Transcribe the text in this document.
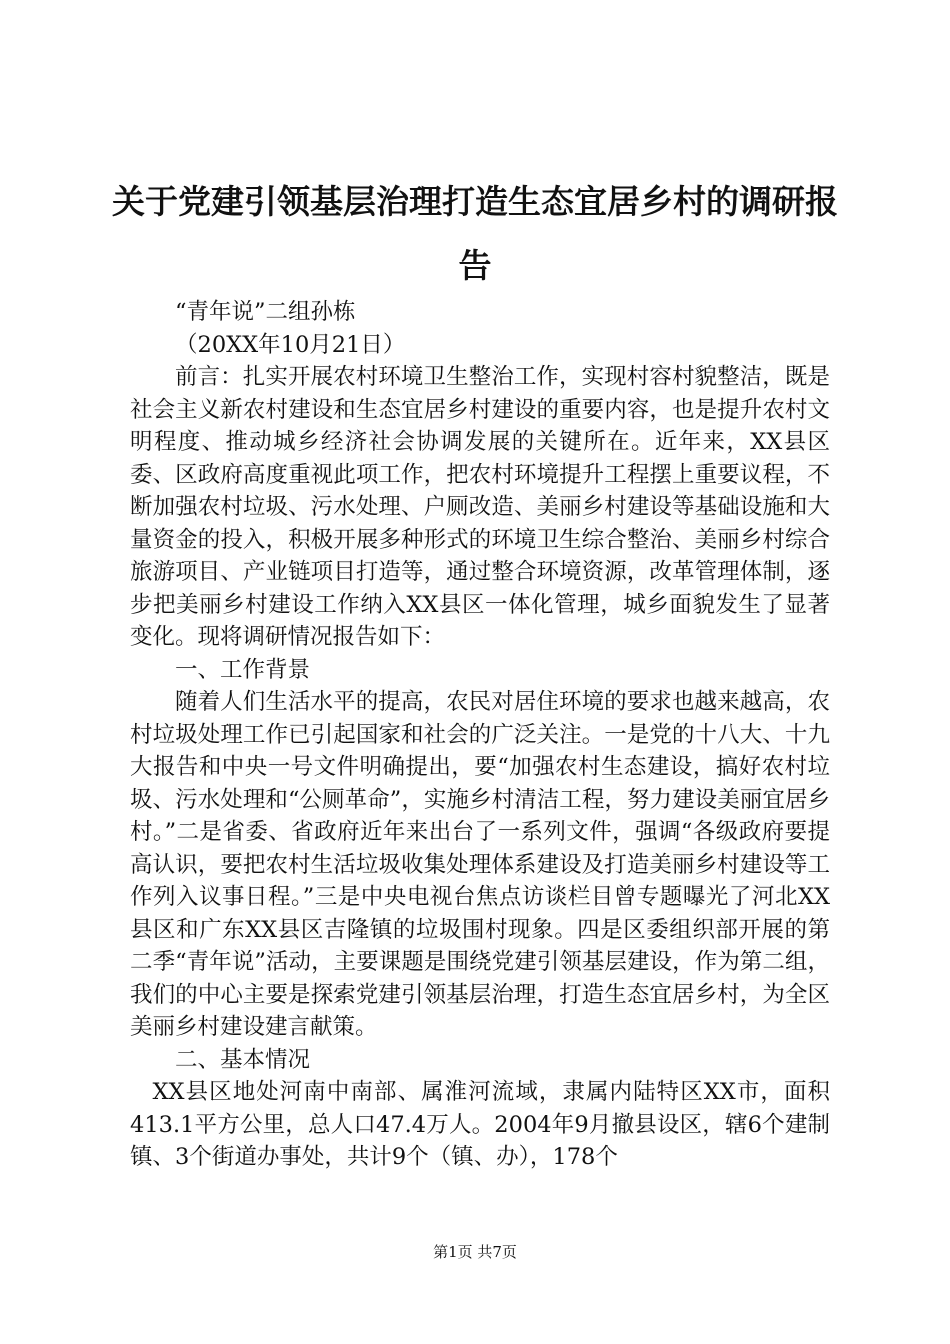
关于党建引领基层治理打造生态宜居乡村的调研报告

“青年说”二组孙栋

（20XX年10月21日）

前言：扎实开展农村环境卫生整治工作，实现村容村貌整洁，既是社会主义新农村建设和生态宜居乡村建设的重要内容，也是提升农村文明程度、推动城乡经济社会协调发展的关键所在。近年来，XX县区委、区政府高度重视此项工作，把农村环境提升工程摆上重要议程，不断加强农村垃圾、污水处理、户厕改造、美丽乡村建设等基础设施和大量资金的投入，积极开展多种形式的环境卫生综合整治、美丽乡村综合旅游项目、产业链项目打造等，通过整合环境资源，改革管理体制，逐步把美丽乡村建设工作纳入XX县区一体化管理，城乡面貌发生了显著变化。现将调研情况报告如下：

一、工作背景

随着人们生活水平的提高，农民对居住环境的要求也越来越高，农村垃圾处理工作已引起国家和社会的广泛关注。一是党的十八大、十九大报告和中央一号文件明确提出，要“加强农村生态建设，搞好农村垃圾、污水处理和“公厕革命”，实施乡村清洁工程，努力建设美丽宜居乡村。”二是省委、省政府近年来出台了一系列文件，强调“各级政府要提高认识，要把农村生活垃圾收集处理体系建设及打造美丽乡村建设等工作列入议事日程。”三是中央电视台焦点访谈栏目曾专题曝光了河北XX县区和广东XX县区吉隆镇的垃圾围村现象。四是区委组织部开展的第二季“青年说”活动，主要课题是围绕党建引领基层建设，作为第二组，我们的中心主要是探索党建引领基层治理，打造生态宜居乡村，为全区美丽乡村建设建言献策。

二、基本情况

XX县区地处河南中南部、属淮河流域，隶属内陆特区XX市，面积413.1平方公里，总人口47.4万人。2004年9月撤县设区，辖6个建制镇、3个街道办事处，共计9个（镇、办），178个

第1页 共7页
